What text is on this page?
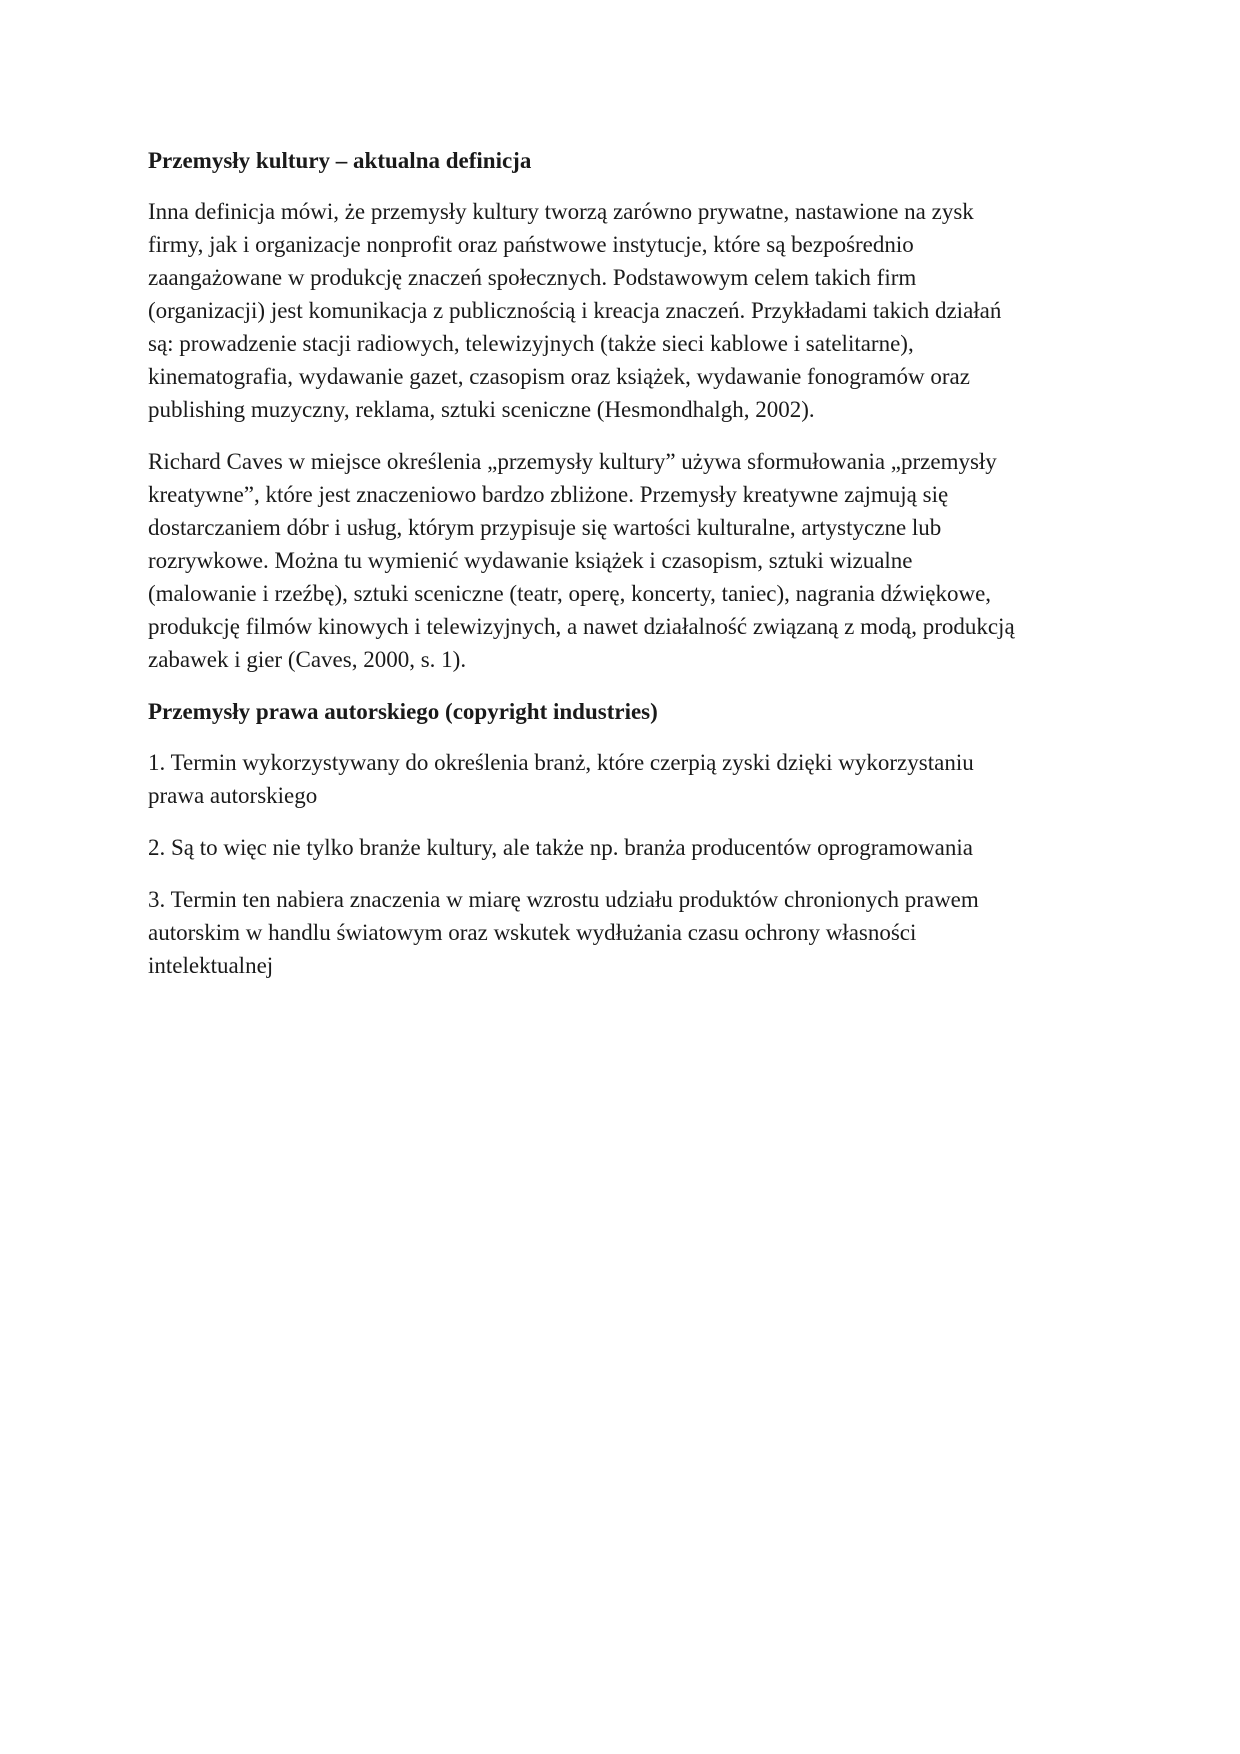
Przemysły kultury – aktualna definicja
Inna definicja mówi, że przemysły kultury tworzą zarówno prywatne, nastawione na zysk
firmy, jak i organizacje nonprofit oraz państwowe instytucje, które są bezpośrednio
zaangażowane w produkcję znaczeń społecznych. Podstawowym celem takich firm
(organizacji) jest komunikacja z publicznością i kreacja znaczeń. Przykładami takich działań
są: prowadzenie stacji radiowych, telewizyjnych (także sieci kablowe i satelitarne),
kinematografia, wydawanie gazet, czasopism oraz książek, wydawanie fonogramów oraz
publishing muzyczny, reklama, sztuki sceniczne (Hesmondhalgh, 2002).
Richard Caves w miejsce określenia „przemysły kultury” używa sformułowania „przemysły
kreatywne”, które jest znaczeniowo bardzo zbliżone. Przemysły kreatywne zajmują się
dostarczaniem dóbr i usług, którym przypisuje się wartości kulturalne, artystyczne lub
rozrywkowe. Można tu wymienić wydawanie książek i czasopism, sztuki wizualne
(malowanie i rzeźbę), sztuki sceniczne (teatr, operę, koncerty, taniec), nagrania dźwiękowe,
produkcję filmów kinowych i telewizyjnych, a nawet działalność związaną z modą, produkcją
zabawek i gier (Caves, 2000, s. 1).
Przemysły prawa autorskiego (copyright industries)
1. Termin wykorzystywany do określenia branż, które czerpią zyski dzięki wykorzystaniu
prawa autorskiego
2. Są to więc nie tylko branże kultury, ale także np. branża producentów oprogramowania
3. Termin ten nabiera znaczenia w miarę wzrostu udziału produktów chronionych prawem
autorskim w handlu światowym oraz wskutek wydłużania czasu ochrony własności
intelektualnej
